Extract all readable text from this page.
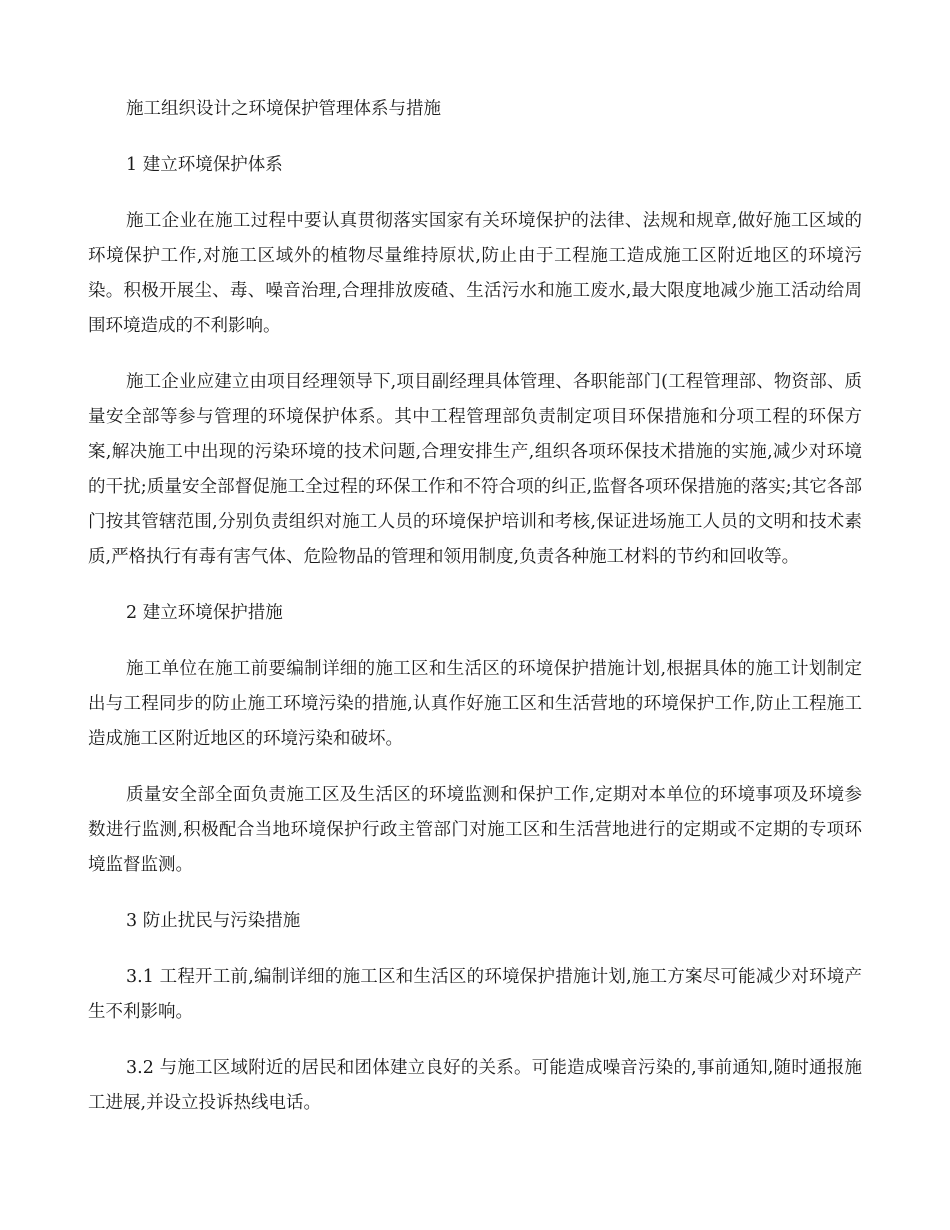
施工组织设计之环境保护管理体系与措施

1 建立环境保护体系

施工企业在施工过程中要认真贯彻落实国家有关环境保护的法律、法规和规章,做好施工区域的环境保护工作,对施工区域外的植物尽量维持原状,防止由于工程施工造成施工区附近地区的环境污染。积极开展尘、毒、噪音治理,合理排放废碴、生活污水和施工废水,最大限度地减少施工活动给周围环境造成的不利影响。

施工企业应建立由项目经理领导下,项目副经理具体管理、各职能部门(工程管理部、物资部、质量安全部等参与管理的环境保护体系。其中工程管理部负责制定项目环保措施和分项工程的环保方案,解决施工中出现的污染环境的技术问题,合理安排生产,组织各项环保技术措施的实施,减少对环境的干扰;质量安全部督促施工全过程的环保工作和不符合项的纠正,监督各项环保措施的落实;其它各部门按其管辖范围,分别负责组织对施工人员的环境保护培训和考核,保证进场施工人员的文明和技术素质,严格执行有毒有害气体、危险物品的管理和领用制度,负责各种施工材料的节约和回收等。

2 建立环境保护措施

施工单位在施工前要编制详细的施工区和生活区的环境保护措施计划,根据具体的施工计划制定出与工程同步的防止施工环境污染的措施,认真作好施工区和生活营地的环境保护工作,防止工程施工造成施工区附近地区的环境污染和破坏。

质量安全部全面负责施工区及生活区的环境监测和保护工作,定期对本单位的环境事项及环境参数进行监测,积极配合当地环境保护行政主管部门对施工区和生活营地进行的定期或不定期的专项环境监督监测。

3 防止扰民与污染措施

3.1 工程开工前,编制详细的施工区和生活区的环境保护措施计划,施工方案尽可能减少对环境产生不利影响。

3.2 与施工区域附近的居民和团体建立良好的关系。可能造成噪音污染的,事前通知,随时通报施工进展,并设立投诉热线电话。
